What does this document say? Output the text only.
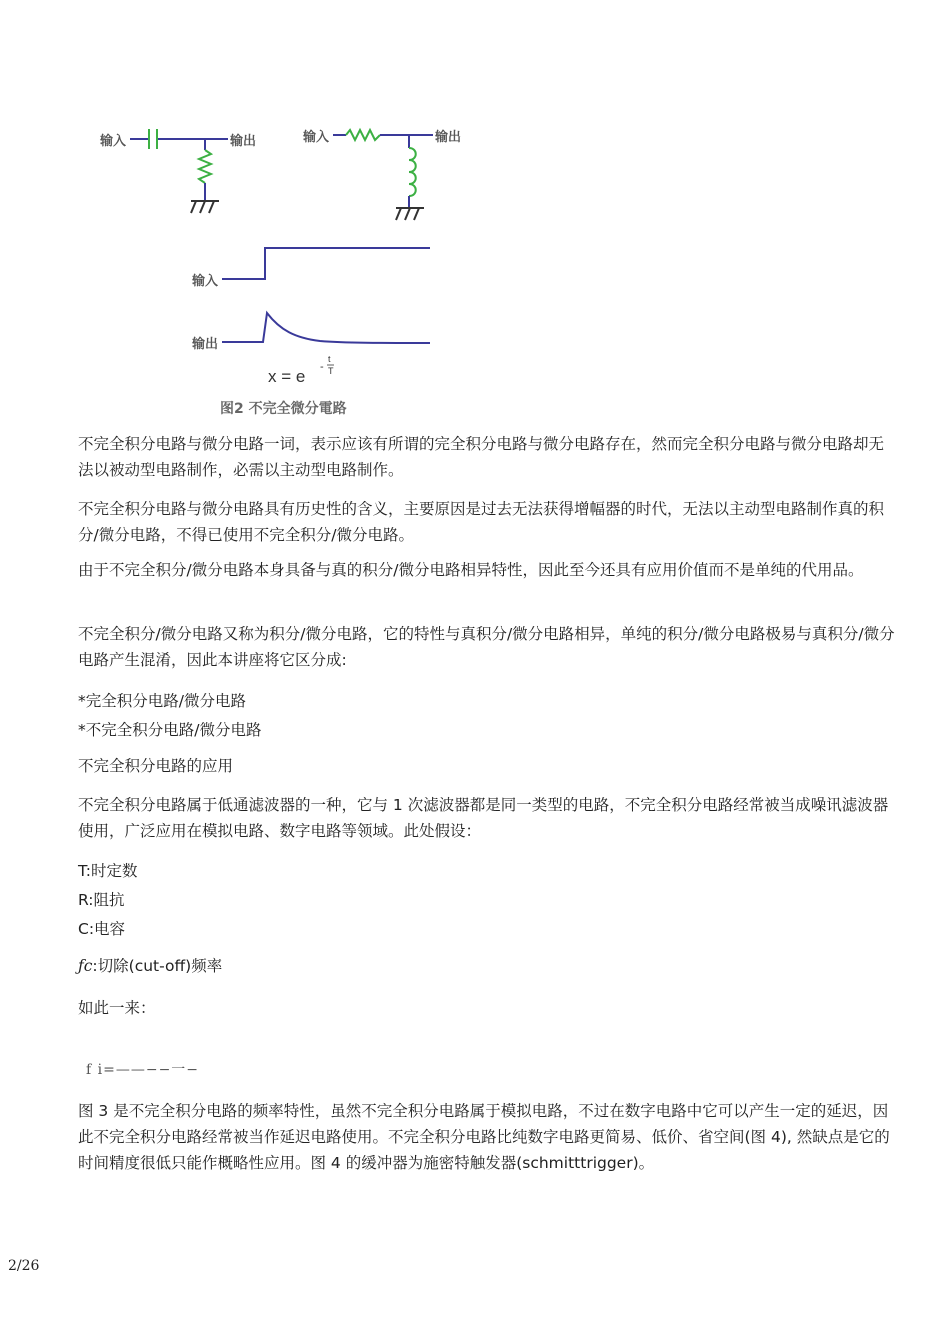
输入	输出	输入	输出
输入
输出
x = e -
t
T
图2 不完全微分電路

不完全积分电路与微分电路一词，表示应该有所谓的完全积分电路与微分电路存在，然而完全积分电路与微分电路却无法以被动型电路制作，必需以主动型电路制作。

不完全积分电路与微分电路具有历史性的含义，主要原因是过去无法获得增幅器的时代，无法以主动型电路制作真的积分/微分电路，不得已使用不完全积分/微分电路。

由于不完全积分/微分电路本身具备与真的积分/微分电路相异特性，因此至今还具有应用价值而不是单纯的代用品。

不完全积分/微分电路又称为积分/微分电路，它的特性与真积分/微分电路相异，单纯的积分/微分电路极易与真积分/微分电路产生混淆，因此本讲座将它区分成:

*完全积分电路/微分电路

*不完全积分电路/微分电路

不完全积分电路的应用

不完全积分电路属于低通滤波器的一种，它与 1 次滤波器都是同一类型的电路，不完全积分电路经常被当成噪讯滤波器使用，广泛应用在模拟电路、数字电路等领域。此处假设：

T:时定数

R:阻抗

C:电容

ƒc:切除(cut-off)频率

如此一来：

f i=——−−一−

图 3 是不完全积分电路的频率特性，虽然不完全积分电路属于模拟电路，不过在数字电路中它可以产生一定的延迟，因此不完全积分电路经常被当作延迟电路使用。不完全积分电路比纯数字电路更简易、低价、省空间(图 4), 然缺点是它的时间精度很低只能作概略性应用。图 4 的缓冲器为施密特触发器(schmitttrigger)。

2/26
